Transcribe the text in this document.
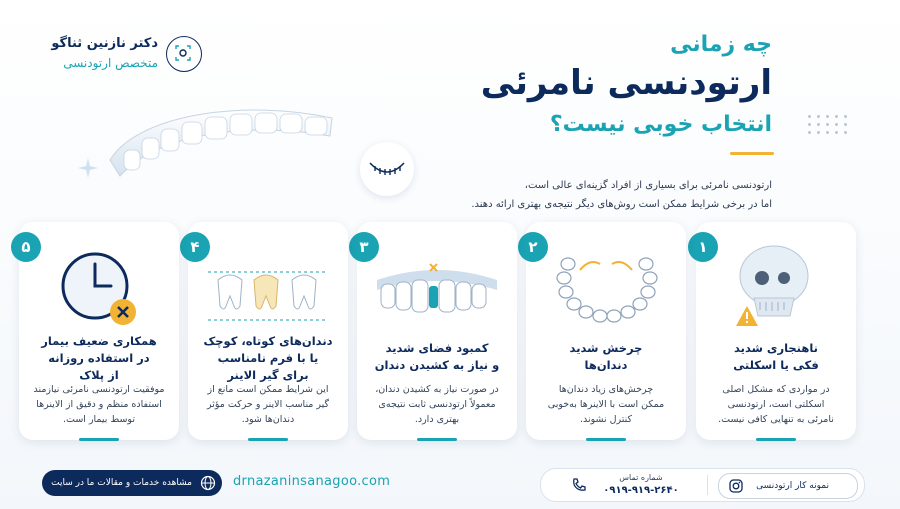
دکتر نازنین ثناگو
متخصص ارتودنسی
چه زمانی
ارتودنسی نامرئی
انتخاب خوبی نیست؟
ارتودنسی نامرئی برای بسیاری از افراد گزینه‌ای عالی است،
اما در برخی شرایط ممکن است روش‌های دیگر نتیجه‌ی بهتری ارائه دهند.
۱
ناهنجاری شدید
فکی یا اسکلتی
در مواردی که مشکل اصلی
اسکلتی است، ارتودنسی
نامرئی به تنهایی کافی نیست.
۲
چرخش شدید
دندان‌ها
چرخش‌های زیاد دندان‌ها
ممکن است با الاینرها به‌خوبی
کنترل نشوند.
۳
کمبود فضای شدید
و نیاز به کشیدن دندان
در صورت نیاز به کشیدن دندان،
معمولاً ارتودنسی ثابت نتیجه‌ی
بهتری دارد.
۴
دندان‌های کوتاه، کوچک
یا با فرم نامناسب
برای گیر الاینر
این شرایط ممکن است مانع از
گیر مناسب الاینر و حرکت مؤثر
دندان‌ها شود.
۵
همکاری ضعیف بیمار
در استفاده روزانه
از پلاک
موفقیت ارتودنسی نامرئی نیازمند
استفاده منظم و دقیق از الاینرها
توسط بیمار است.
مشاهده خدمات و مقالات ما در سایت	drnazaninsanagoo.com	شماره تماس
۰۹۱۹-۹۱۹-۲۶۴۰	نمونه کار ارتودنسی
